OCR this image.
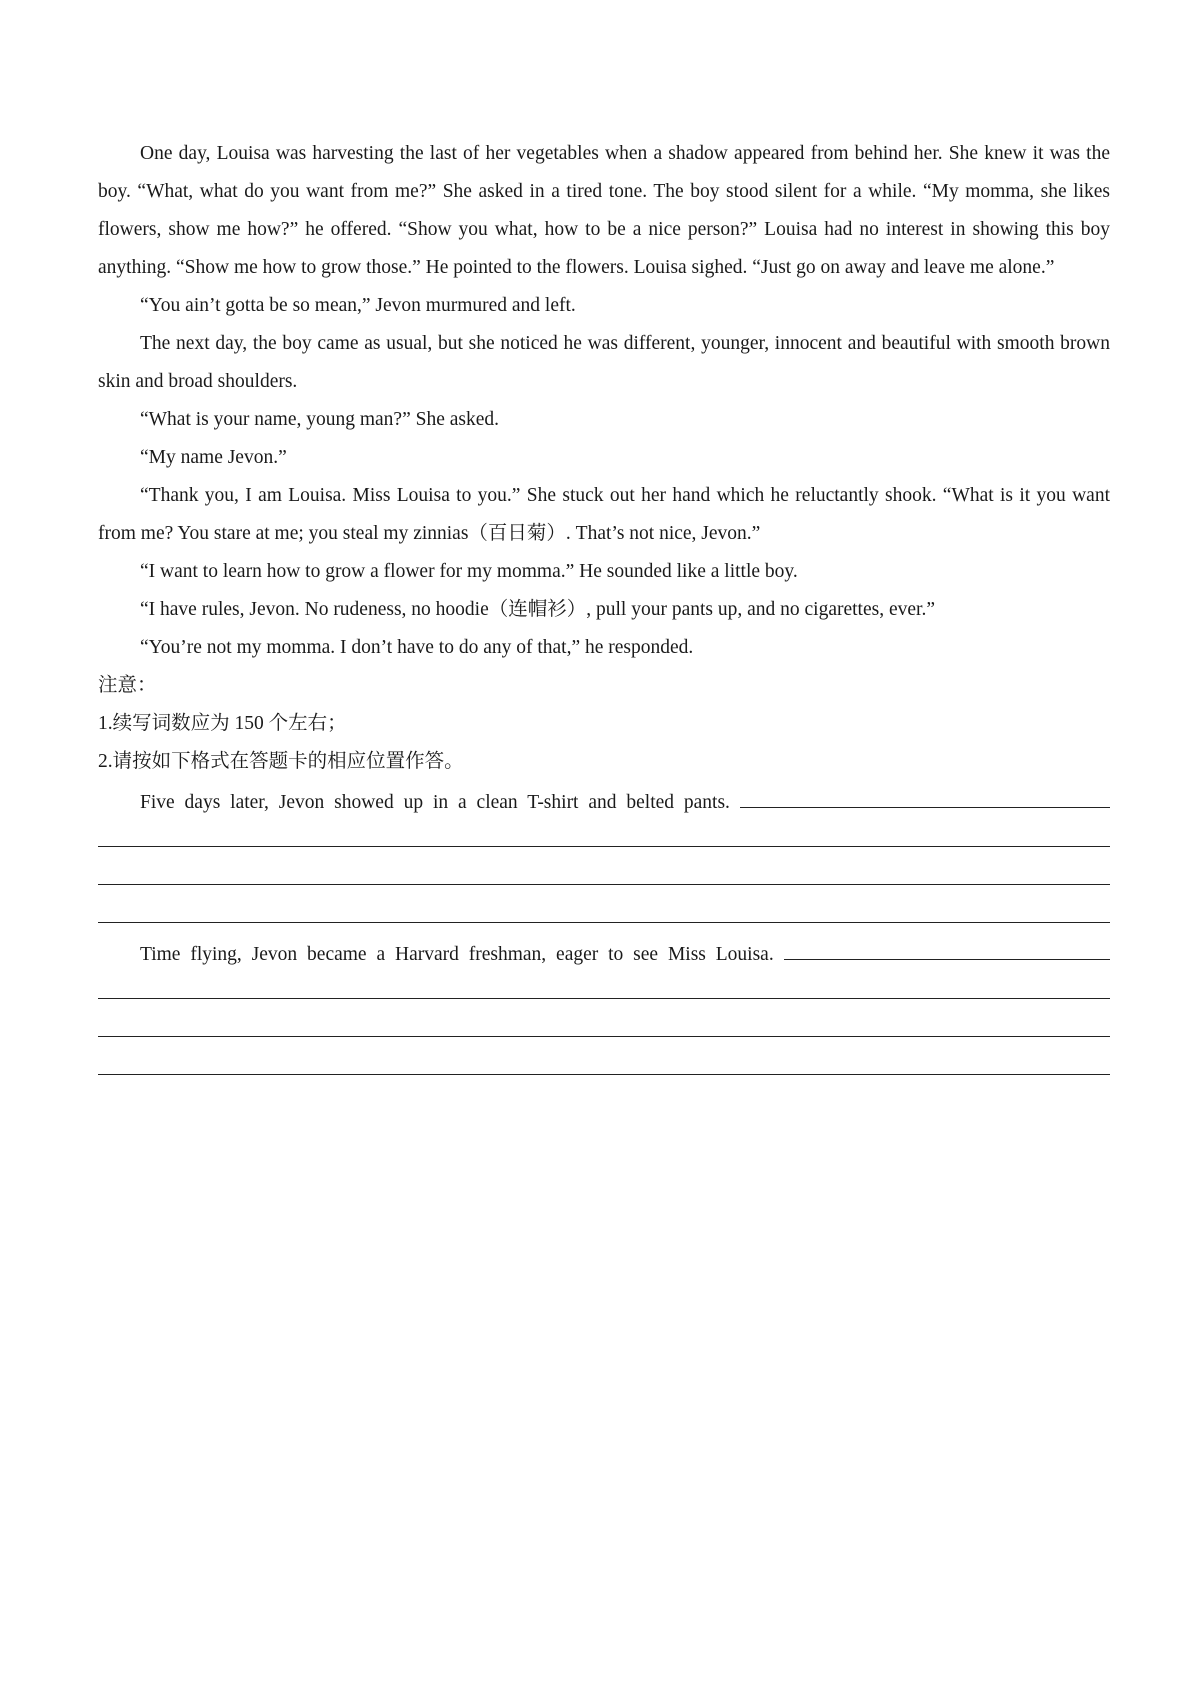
One day, Louisa was harvesting the last of her vegetables when a shadow appeared from behind her. She knew it was the boy. “What, what do you want from me?” She asked in a tired tone. The boy stood silent for a while. “My momma, she likes flowers, show me how?” he offered. “Show you what, how to be a nice person?” Louisa had no interest in showing this boy anything. “Show me how to grow those.” He pointed to the flowers. Louisa sighed. “Just go on away and leave me alone.”

“You ain’t gotta be so mean,” Jevon murmured and left.

The next day, the boy came as usual, but she noticed he was different, younger, innocent and beautiful with smooth brown skin and broad shoulders.

“What is your name, young man?” She asked.

“My name Jevon.”

“Thank you, I am Louisa. Miss Louisa to you.” She stuck out her hand which he reluctantly shook. “What is it you want from me? You stare at me; you steal my zinnias（百日菊）. That’s not nice, Jevon.”

“I want to learn how to grow a flower for my momma.” He sounded like a little boy.

“I have rules, Jevon. No rudeness, no hoodie（连帽衫）, pull your pants up, and no cigarettes, ever.”

“You’re not my momma. I don’t have to do any of that,” he responded.

注意：

1.续写词数应为 150 个左右；

2.请按如下格式在答题卡的相应位置作答。

Five days later, Jevon showed up in a clean T-shirt and belted pants.
Time flying, Jevon became a Harvard freshman, eager to see Miss Louisa.
